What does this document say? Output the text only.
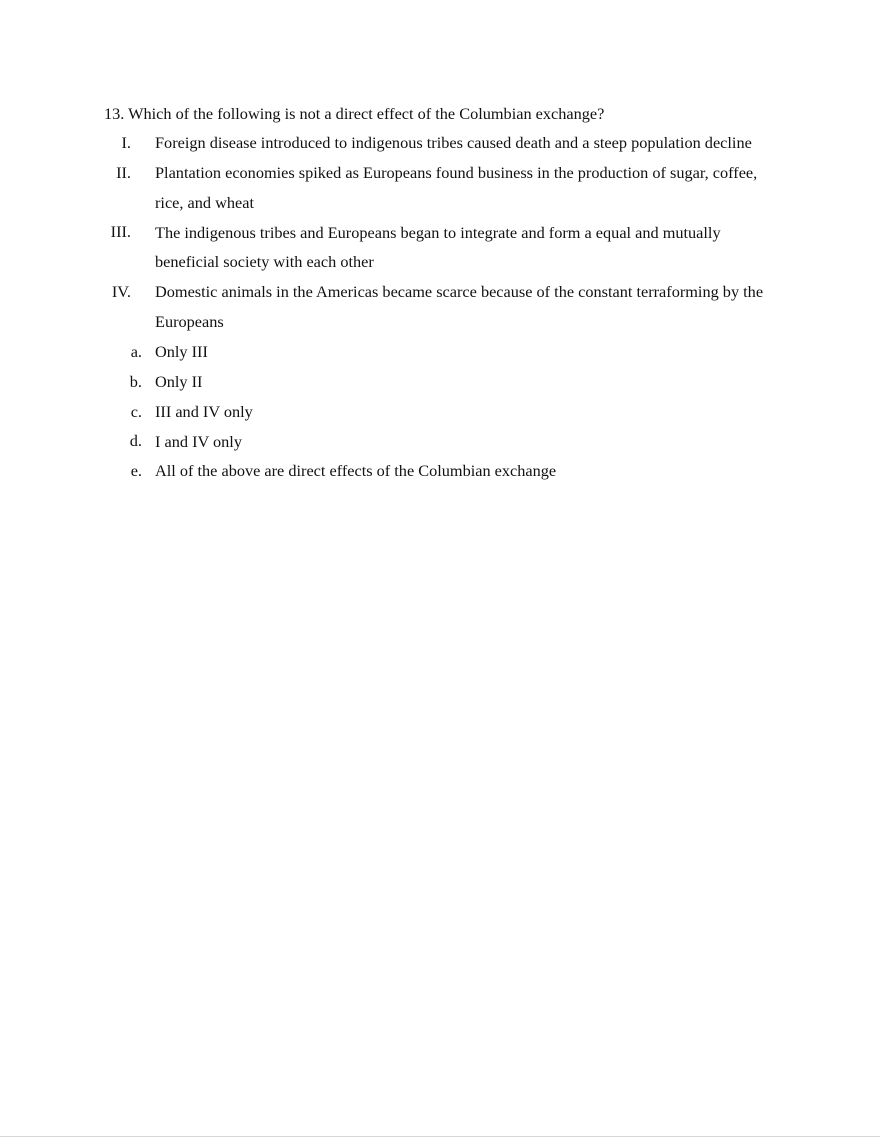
13. Which of the following is not a direct effect of the Columbian exchange?
I. Foreign disease introduced to indigenous tribes caused death and a steep population decline
II. Plantation economies spiked as Europeans found business in the production of sugar, coffee, rice, and wheat
III. The indigenous tribes and Europeans began to integrate and form a equal and mutually beneficial society with each other
IV. Domestic animals in the Americas became scarce because of the constant terraforming by the Europeans
a. Only III
b. Only II
c. III and IV only
d. I and IV only
e. All of the above are direct effects of the Columbian exchange
